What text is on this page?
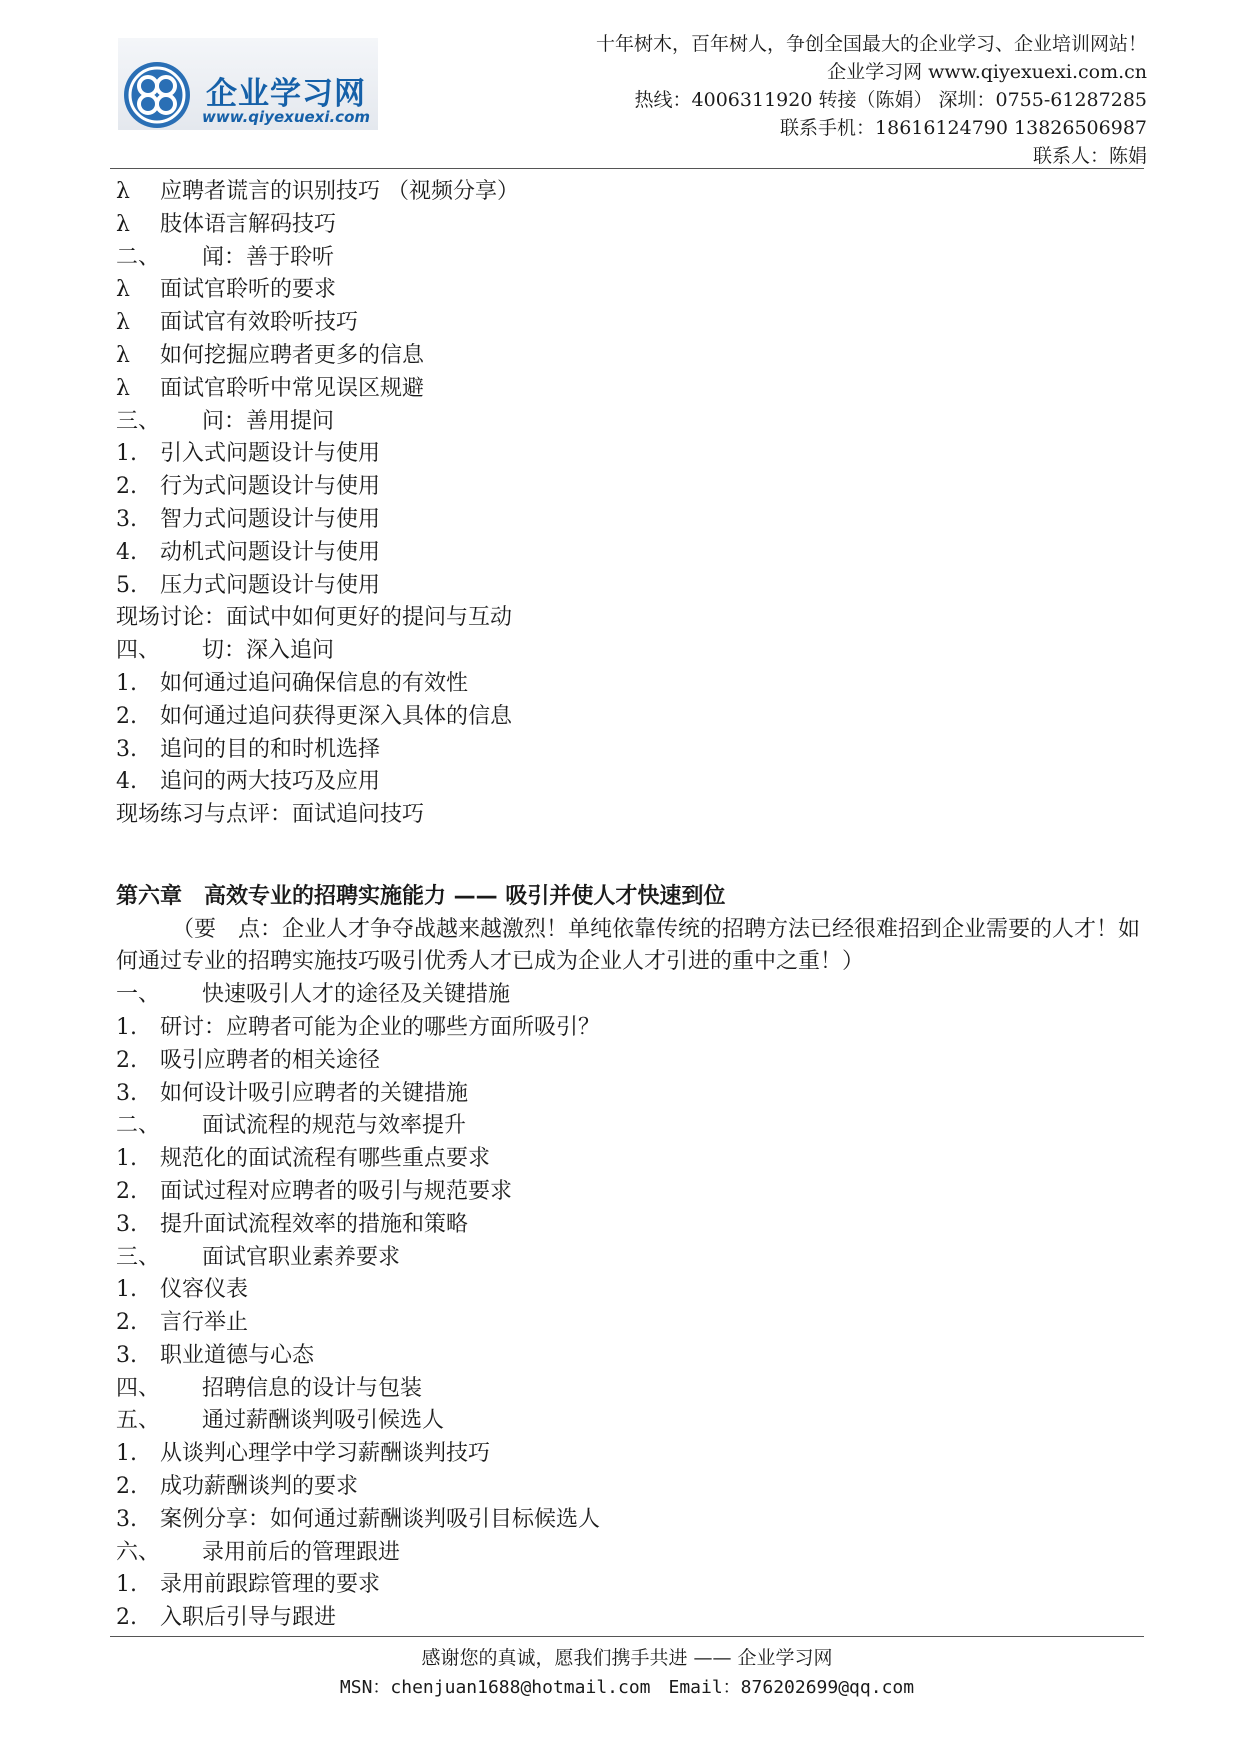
企业学习网
www.qiyexuexi.com
十年树木，百年树人，争创全国最大的企业学习、企业培训网站！
企业学习网 www.qiyexuexi.com.cn
热线：4006311920 转接（陈娟） 深圳：0755-61287285
联系手机：18616124790 13826506987
联系人：陈娟
λ 应聘者谎言的识别技巧 （视频分享）
λ 肢体语言解码技巧
二、 闻：善于聆听
λ 面试官聆听的要求
λ 面试官有效聆听技巧
λ 如何挖掘应聘者更多的信息
λ 面试官聆听中常见误区规避
三、 问：善用提问
1. 引入式问题设计与使用
2. 行为式问题设计与使用
3. 智力式问题设计与使用
4. 动机式问题设计与使用
5. 压力式问题设计与使用
现场讨论：面试中如何更好的提问与互动
四、 切：深入追问
1. 如何通过追问确保信息的有效性
2. 如何通过追问获得更深入具体的信息
3. 追问的目的和时机选择
4. 追问的两大技巧及应用
现场练习与点评：面试追问技巧
第六章　高效专业的招聘实施能力 —— 吸引并使人才快速到位
（要　点：企业人才争夺战越来越激烈！单纯依靠传统的招聘方法已经很难招到企业需要的人才！如何通过专业的招聘实施技巧吸引优秀人才已成为企业人才引进的重中之重！）
一、 快速吸引人才的途径及关键措施
1. 研讨：应聘者可能为企业的哪些方面所吸引？
2. 吸引应聘者的相关途径
3. 如何设计吸引应聘者的关键措施
二、 面试流程的规范与效率提升
1. 规范化的面试流程有哪些重点要求
2. 面试过程对应聘者的吸引与规范要求
3. 提升面试流程效率的措施和策略
三、 面试官职业素养要求
1. 仪容仪表
2. 言行举止
3. 职业道德与心态
四、 招聘信息的设计与包装
五、 通过薪酬谈判吸引候选人
1. 从谈判心理学中学习薪酬谈判技巧
2. 成功薪酬谈判的要求
3. 案例分享：如何通过薪酬谈判吸引目标候选人
六、 录用前后的管理跟进
1. 录用前跟踪管理的要求
2. 入职后引导与跟进
感谢您的真诚，愿我们携手共进 —— 企业学习网
MSN：chenjuan1688@hotmail.com　Email：876202699@qq.com
